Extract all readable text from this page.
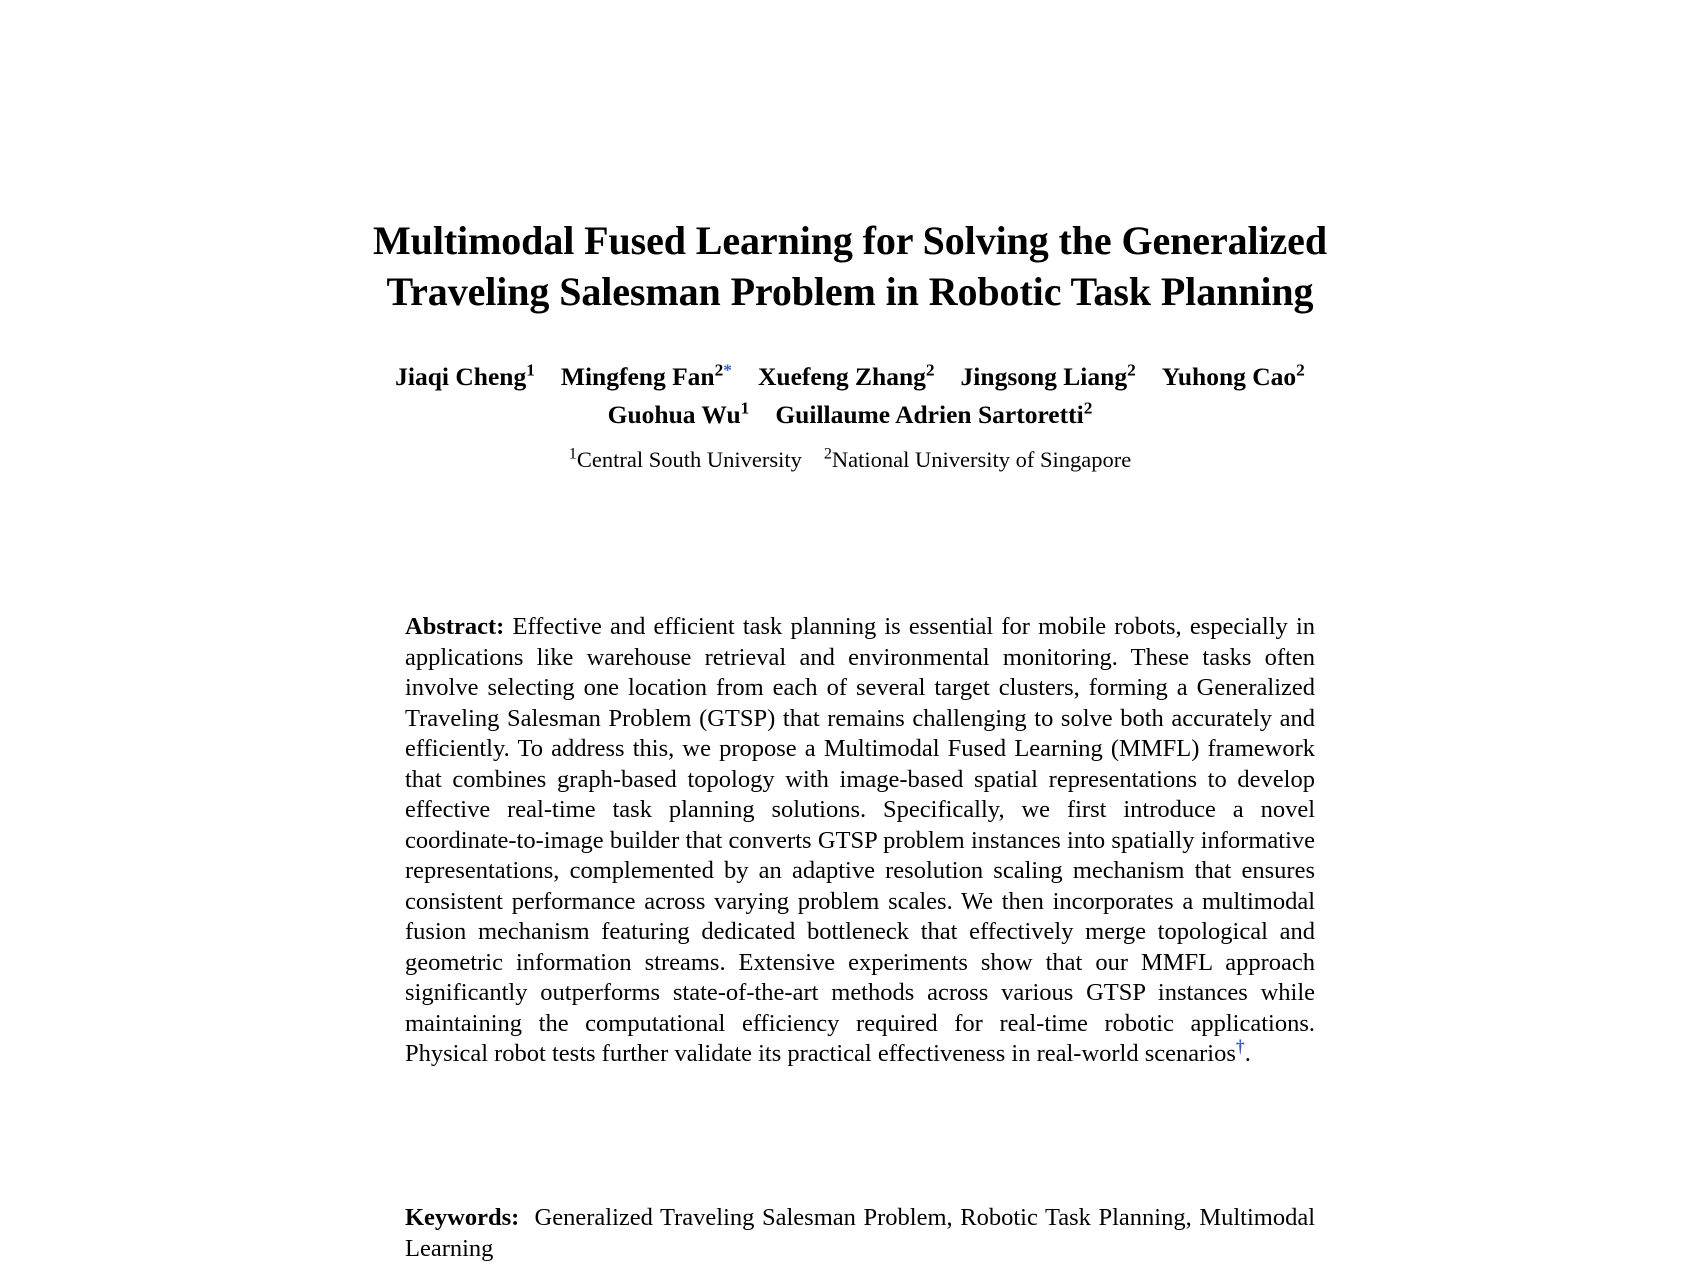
Multimodal Fused Learning for Solving the Generalized Traveling Salesman Problem in Robotic Task Planning
Jiaqi Cheng$^1$ Mingfeng Fan$^{2*}$ Xuefeng Zhang$^2$ Jingsong Liang$^2$ Yuhong Cao$^2$
Guohua Wu$^1$ Guillaume Adrien Sartoretti$^2$
$^1$Central South University $^2$National University of Singapore

Abstract: Effective and efficient task planning is essential for mobile robots, especially in applications like warehouse retrieval and environmental monitoring. These tasks often involve selecting one location from each of several target clusters, forming a Generalized Traveling Salesman Problem (GTSP) that remains challenging to solve both accurately and efficiently. To address this, we propose a Multimodal Fused Learning (MMFL) framework that combines graph-based topology with image-based spatial representations to develop effective real-time task planning solutions. Specifically, we first introduce a novel coordinate-to-image builder that converts GTSP problem instances into spatially informative representations, complemented by an adaptive resolution scaling mechanism that ensures consistent performance across varying problem scales. We then incorporates a multimodal fusion mechanism featuring dedicated bottleneck that effectively merge topological and geometric information streams. Extensive experiments show that our MMFL approach significantly outperforms state-of-the-art methods across various GTSP instances while maintaining the computational efficiency required for real-time robotic applications. Physical robot tests further validate its practical effectiveness in real-world scenarios†.

Keywords: Generalized Traveling Salesman Problem, Robotic Task Planning, Multimodal Learning
